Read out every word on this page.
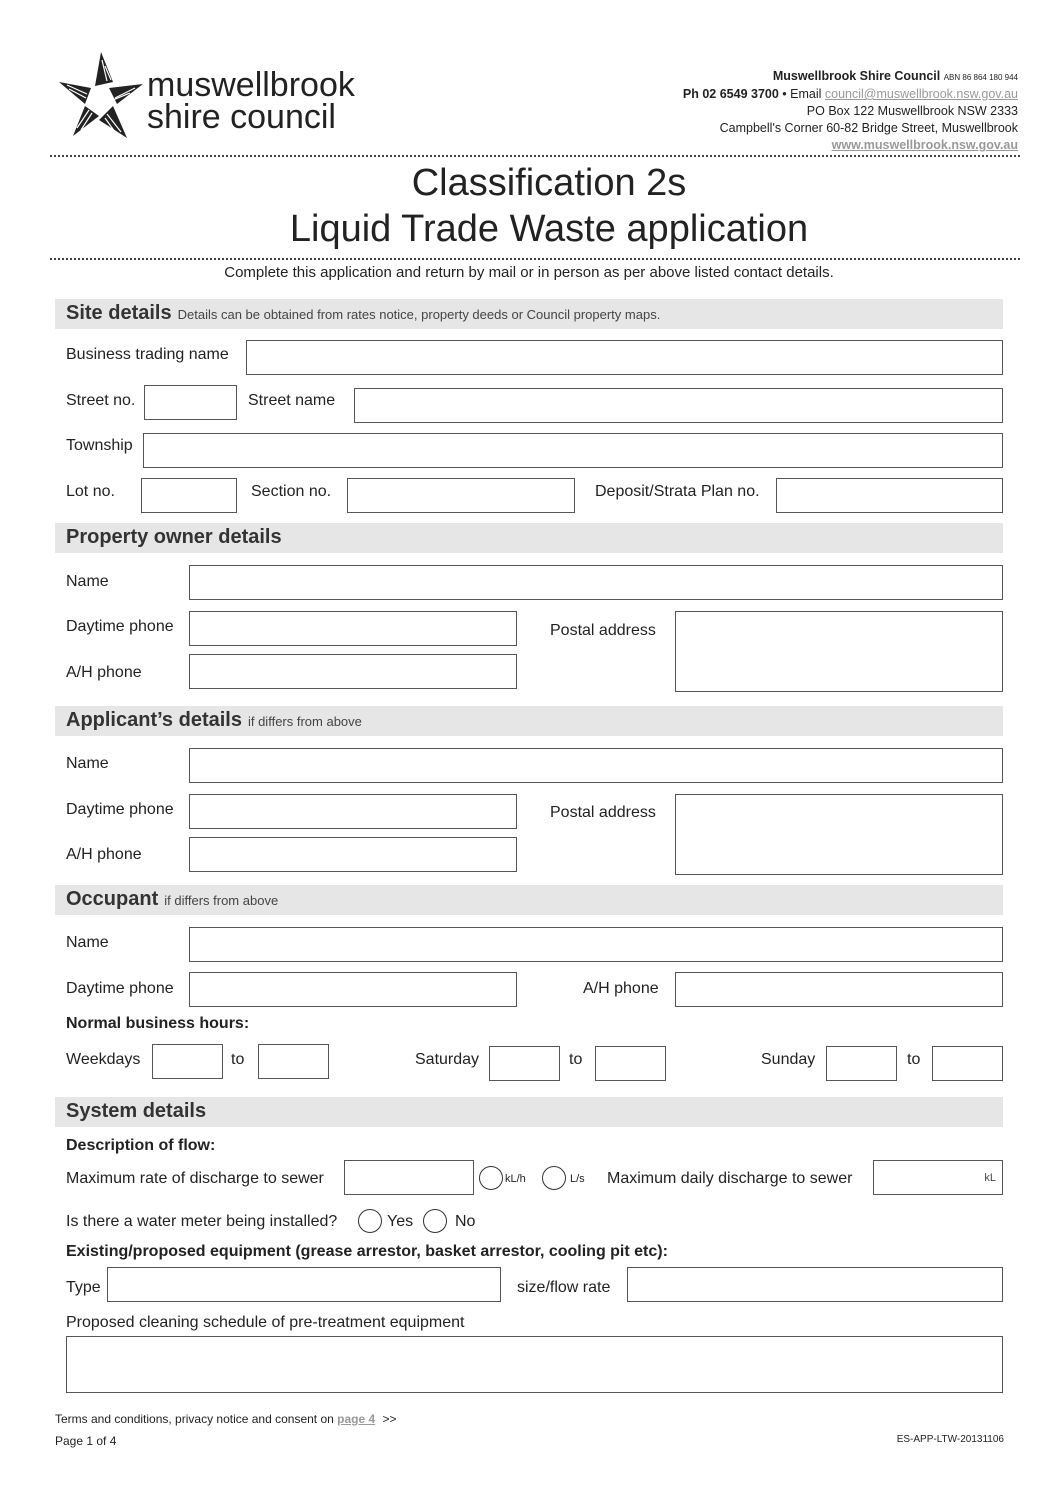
muswellbrook
shire council
Muswellbrook Shire Council ABN 86 864 180 944
Ph 02 6549 3700 • Email council@muswellbrook.nsw.gov.au
PO Box 122 Muswellbrook NSW 2333
Campbell's Corner 60-82 Bridge Street, Muswellbrook
www.muswellbrook.nsw.gov.au
Classification 2s
Liquid Trade Waste application
Complete this application and return by mail or in person as per above listed contact details.
Site details Details can be obtained from rates notice, property deeds or Council property maps.
Business trading name
Street no.	Street name
Township
Lot no.	Section no.	Deposit/Strata Plan no.
Property owner details
Name
Daytime phone	Postal address
A/H phone
Applicant’s details if differs from above
Name
Daytime phone	Postal address
A/H phone
Occupant if differs from above
Name
Daytime phone	A/H phone
Normal business hours:
Weekdays	to	Saturday	to	Sunday	to
System details
Description of flow:
Maximum rate of discharge to sewer	kL/h	L/s Maximum daily discharge to sewer	kL
Is there a water meter being installed?	Yes	No
Existing/proposed equipment (grease arrestor, basket arrestor, cooling pit etc):
Type	size/flow rate
Proposed cleaning schedule of pre-treatment equipment
Terms and conditions, privacy notice and consent on page 4 >>
Page 1 of 4	ES-APP-LTW-20131106
